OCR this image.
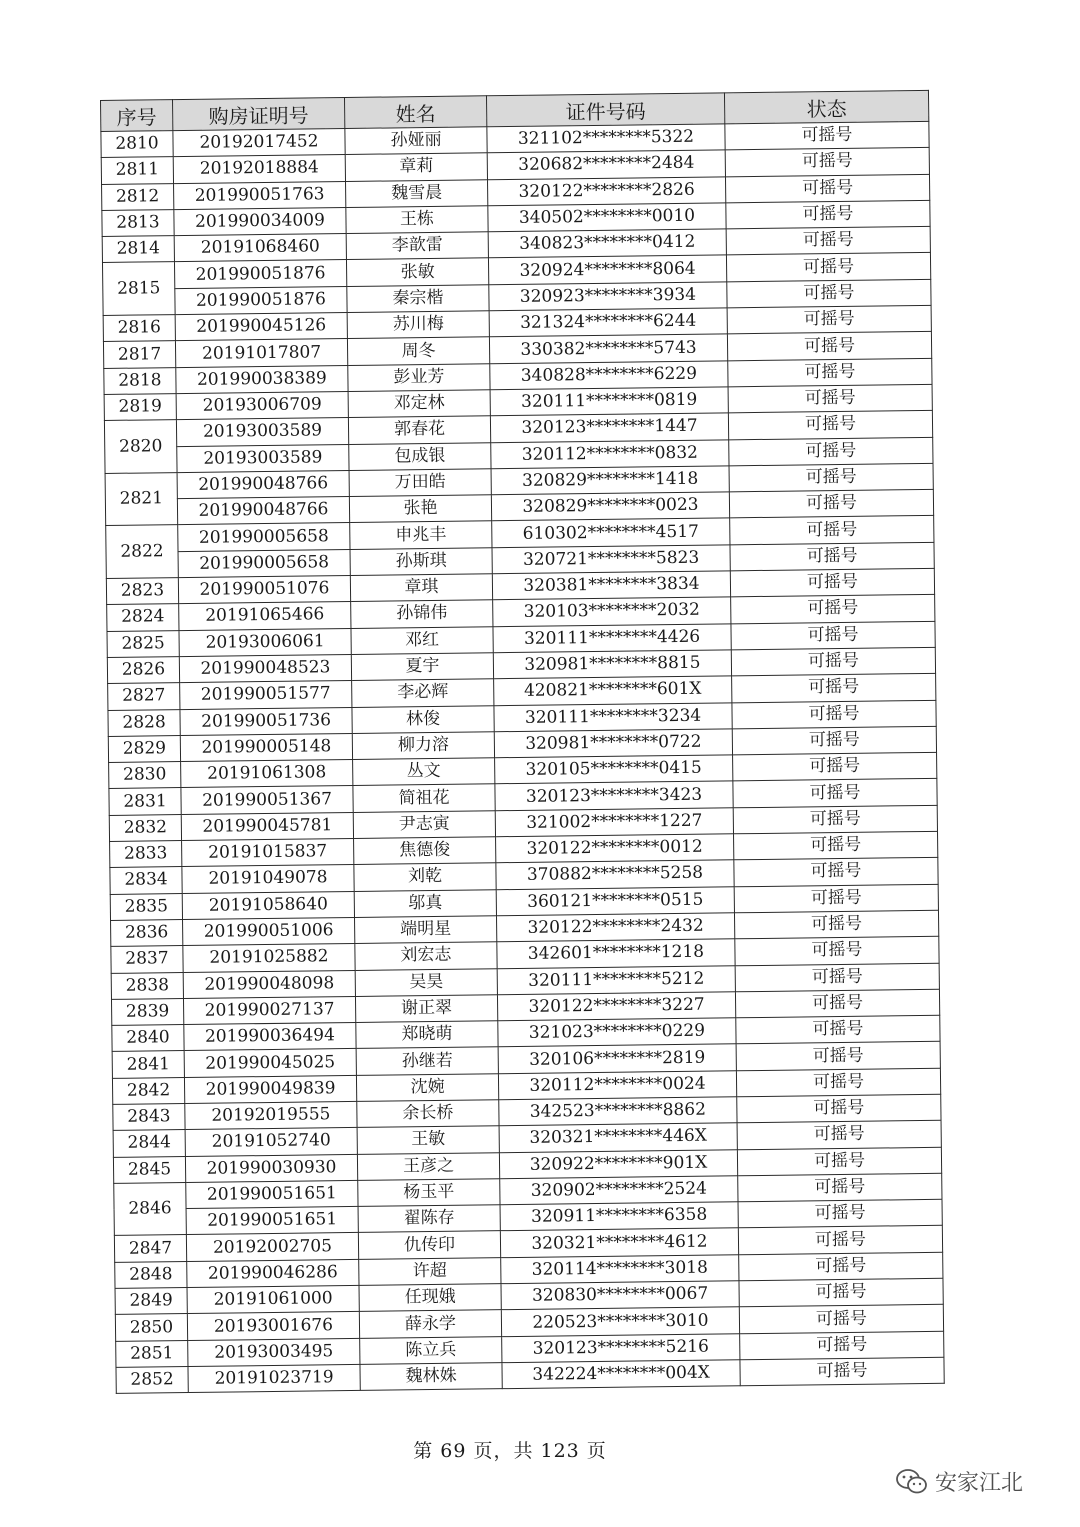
序号	购房证明号	姓名	证件号码	状态
2810	20192017452	孙娅丽	321102********5322	可摇号
2811	20192018884	章莉	320682********2484	可摇号
2812	201990051763	魏雪晨	320122********2826	可摇号
2813	201990034009	王栋	340502********0010	可摇号
2814	20191068460	李歆雷	340823********0412	可摇号
2815	201990051876	张敏	320924********8064	可摇号
	201990051876	秦宗楷	320923********3934	可摇号
2816	201990045126	苏川梅	321324********6244	可摇号
2817	20191017807	周冬	330382********5743	可摇号
2818	201990038389	彭业芳	340828********6229	可摇号
2819	20193006709	邓定林	320111********0819	可摇号
2820	20193003589	郭春花	320123********1447	可摇号
	20193003589	包成银	320112********0832	可摇号
2821	201990048766	万田皓	320829********1418	可摇号
	201990048766	张艳	320829********0023	可摇号
2822	201990005658	申兆丰	610302********4517	可摇号
	201990005658	孙斯琪	320721********5823	可摇号
2823	201990051076	章琪	320381********3834	可摇号
2824	20191065466	孙锦伟	320103********2032	可摇号
2825	20193006061	邓红	320111********4426	可摇号
2826	201990048523	夏宇	320981********8815	可摇号
2827	201990051577	李必辉	420821********601X	可摇号
2828	201990051736	林俊	320111********3234	可摇号
2829	201990005148	柳力溶	320981********0722	可摇号
2830	20191061308	丛文	320105********0415	可摇号
2831	201990051367	简祖花	320123********3423	可摇号
2832	201990045781	尹志寅	321002********1227	可摇号
2833	20191015837	焦德俊	320122********0012	可摇号
2834	20191049078	刘乾	370882********5258	可摇号
2835	20191058640	邬真	360121********0515	可摇号
2836	201990051006	端明星	320122********2432	可摇号
2837	20191025882	刘宏志	342601********1218	可摇号
2838	201990048098	吴昊	320111********5212	可摇号
2839	201990027137	谢正翠	320122********3227	可摇号
2840	201990036494	郑晓萌	321023********0229	可摇号
2841	201990045025	孙继若	320106********2819	可摇号
2842	201990049839	沈婉	320112********0024	可摇号
2843	20192019555	余长桥	342523********8862	可摇号
2844	20191052740	王敏	320321********446X	可摇号
2845	201990030930	王彦之	320922********901X	可摇号
2846	201990051651	杨玉平	320902********2524	可摇号
	201990051651	翟陈存	320911********6358	可摇号
2847	20192002705	仇传印	320321********4612	可摇号
2848	201990046286	许超	320114********3018	可摇号
2849	20191061000	任现娥	320830********0067	可摇号
2850	20193001676	薛永学	220523********3010	可摇号
2851	20193003495	陈立兵	320123********5216	可摇号
2852	20191023719	魏林姝	342224********004X	可摇号
第 69 页，共 123 页
安家江北
